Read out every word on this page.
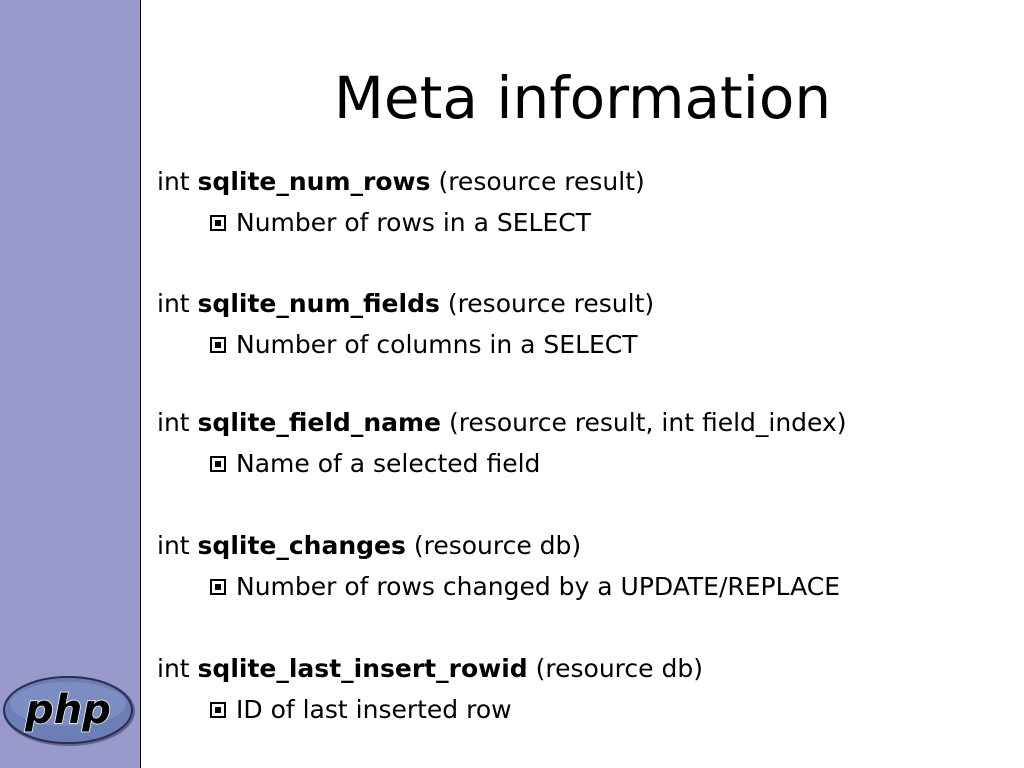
php
Meta information
int sqlite_num_rows (resource result)
Number of rows in a SELECT
int sqlite_num_fields (resource result)
Number of columns in a SELECT
int sqlite_field_name (resource result, int field_index)
Name of a selected field
int sqlite_changes (resource db)
Number of rows changed by a UPDATE/REPLACE
int sqlite_last_insert_rowid (resource db)
ID of last inserted row
